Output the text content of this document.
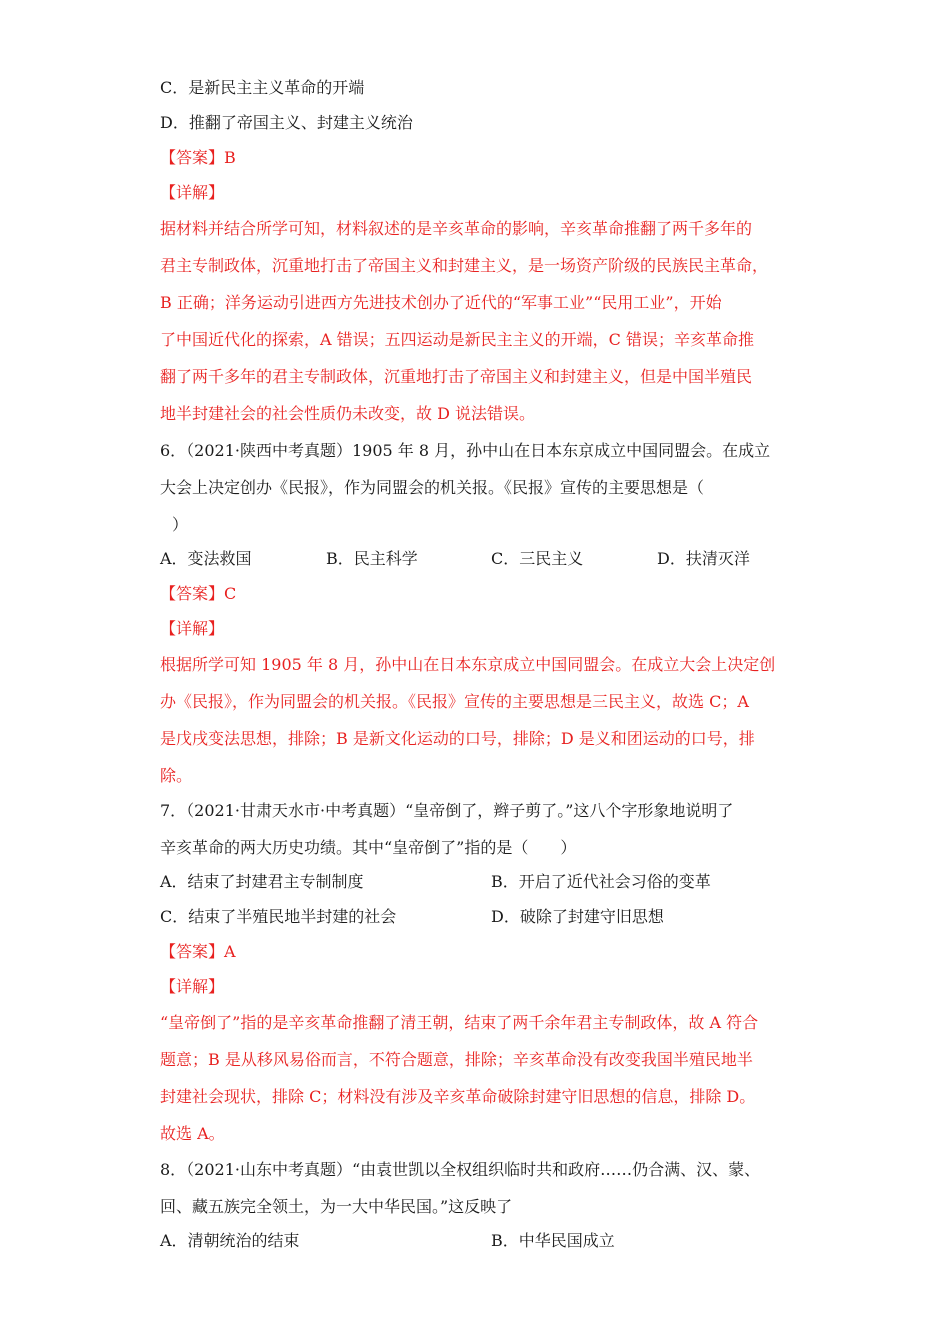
C．是新民主主义革命的开端
D．推翻了帝国主义、封建主义统治
【答案】B
【详解】
据材料并结合所学可知，材料叙述的是辛亥革命的影响，辛亥革命推翻了两千多年的
君主专制政体，沉重地打击了帝国主义和封建主义，是一场资产阶级的民族民主革命，
B 正确；洋务运动引进西方先进技术创办了近代的“军事工业”“民用工业”，开始
了中国近代化的探索，A 错误；五四运动是新民主主义的开端，C 错误；辛亥革命推
翻了两千多年的君主专制政体，沉重地打击了帝国主义和封建主义，但是中国半殖民
地半封建社会的社会性质仍未改变，故 D 说法错误。
6．（2021·陕西中考真题）1905 年 8 月，孙中山在日本东京成立中国同盟会。在成立
大会上决定创办《民报》，作为同盟会的机关报。《民报》宣传的主要思想是（
）
A．变法救国	B．民主科学	C．三民主义	D．扶清灭洋
【答案】C
【详解】
根据所学可知 1905 年 8 月，孙中山在日本东京成立中国同盟会。在成立大会上决定创
办《民报》，作为同盟会的机关报。《民报》宣传的主要思想是三民主义，故选 C；A
是戊戌变法思想，排除；B 是新文化运动的口号，排除；D 是义和团运动的口号，排
除。
7．（2021·甘肃天水市·中考真题）“皇帝倒了，辫子剪了。”这八个字形象地说明了
辛亥革命的两大历史功绩。其中“皇帝倒了”指的是（　　）
A．结束了封建君主专制制度	B．开启了近代社会习俗的变革
C．结束了半殖民地半封建的社会	D．破除了封建守旧思想
【答案】A
【详解】
“皇帝倒了”指的是辛亥革命推翻了清王朝，结束了两千余年君主专制政体，故 A 符合
题意；B 是从移风易俗而言，不符合题意，排除；辛亥革命没有改变我国半殖民地半
封建社会现状，排除 C；材料没有涉及辛亥革命破除封建守旧思想的信息，排除 D。
故选 A。
8．（2021·山东中考真题）“由袁世凯以全权组织临时共和政府……仍合满、汉、蒙、
回、藏五族完全领土，为一大中华民国。”这反映了
A．清朝统治的结束	B．中华民国成立
